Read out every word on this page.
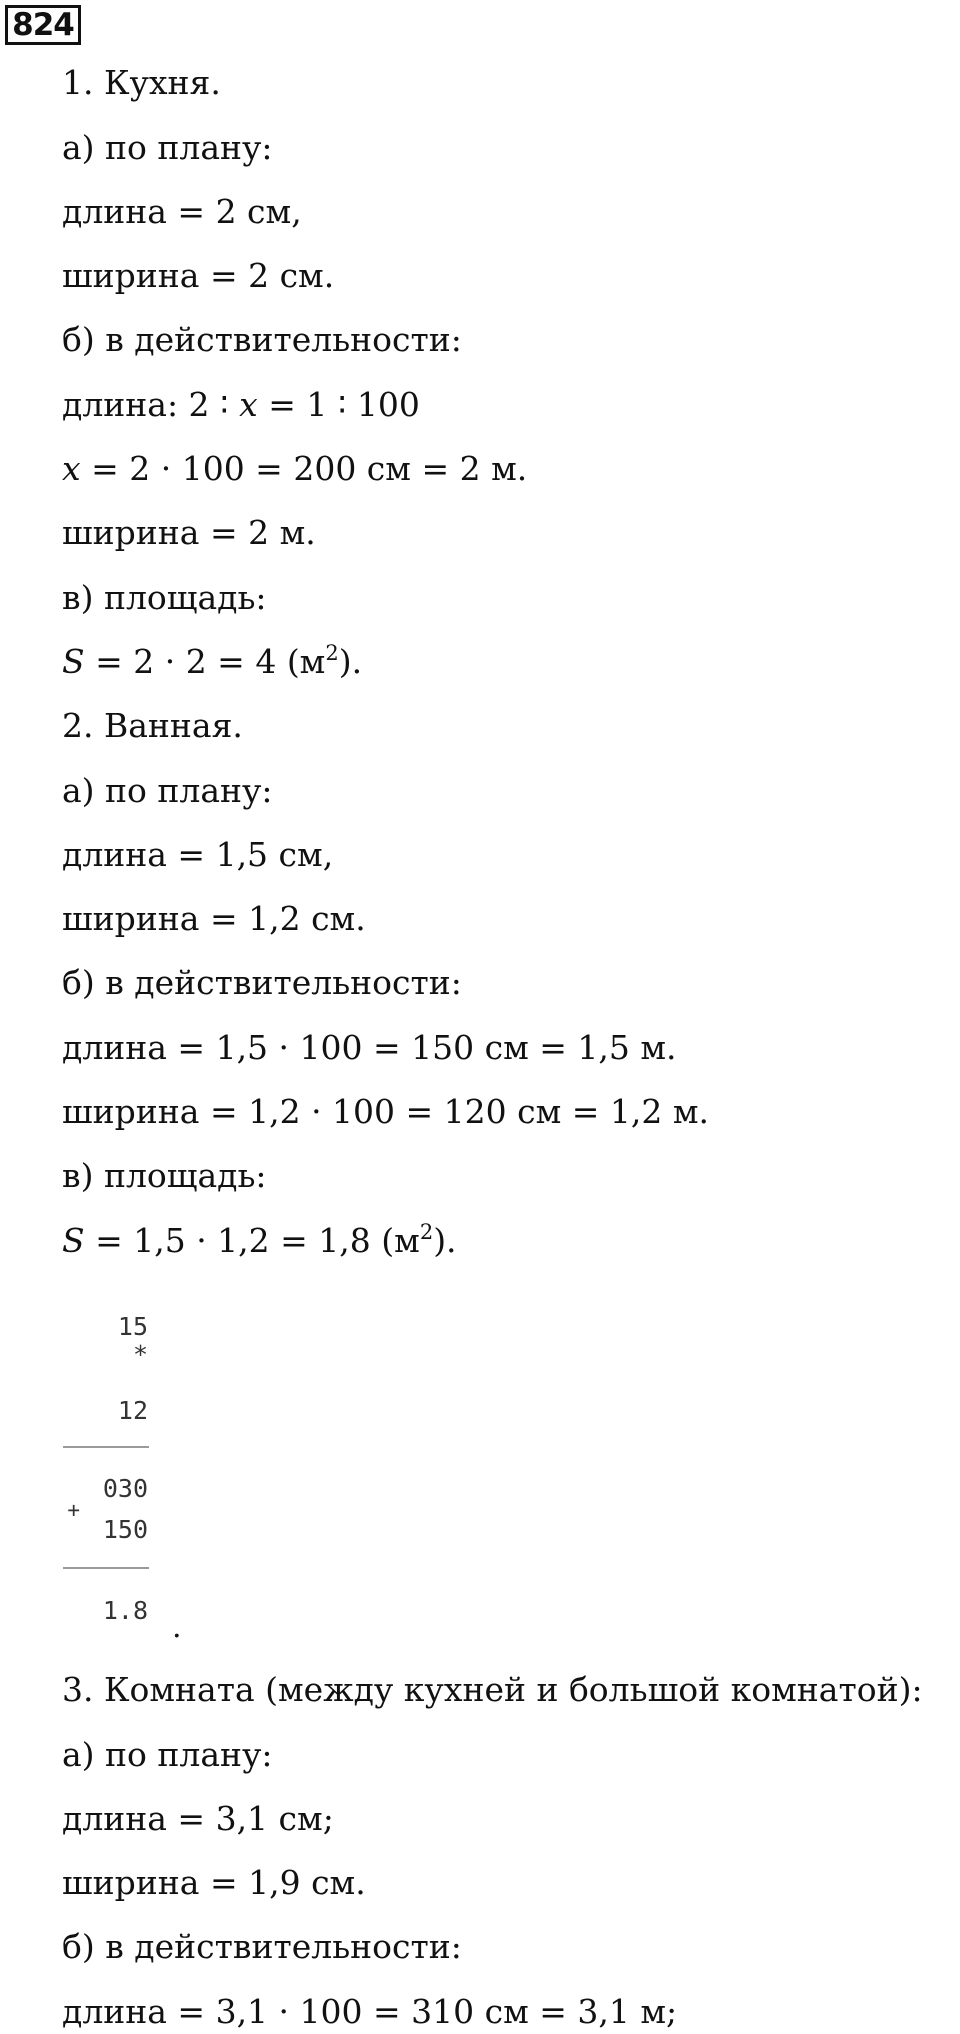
824
1. Кухня.
а) по плану:
длина = 2 см,
ширина = 2 см.
б) в действительности:
длина: 2 ∶ 𝑥 = 1 ∶ 100
𝑥 = 2 · 100 = 200 см = 2 м.
ширина = 2 м.
в) площадь:
𝑆 = 2 · 2 = 4 $(м^2)$.
2. Ванная.
а) по плану:
длина = 1,5 см,
ширина = 1,2 см.
б) в действительности:
длина = 1,5 · 100 = 150 см = 1,5 м.
ширина = 1,2 · 100 = 120 см = 1,2 м.
в) площадь:
𝑆 = 1,5 · 1,2 = 1,8 $(м^2)$.
15
*
12
030
+
150
1.8 .
3. Комната (между кухней и большой комнатой):
а) по плану:
длина = 3,1 см;
ширина = 1,9 см.
б) в действительности:
длина = 3,1 · 100 = 310 см = 3,1 м;
